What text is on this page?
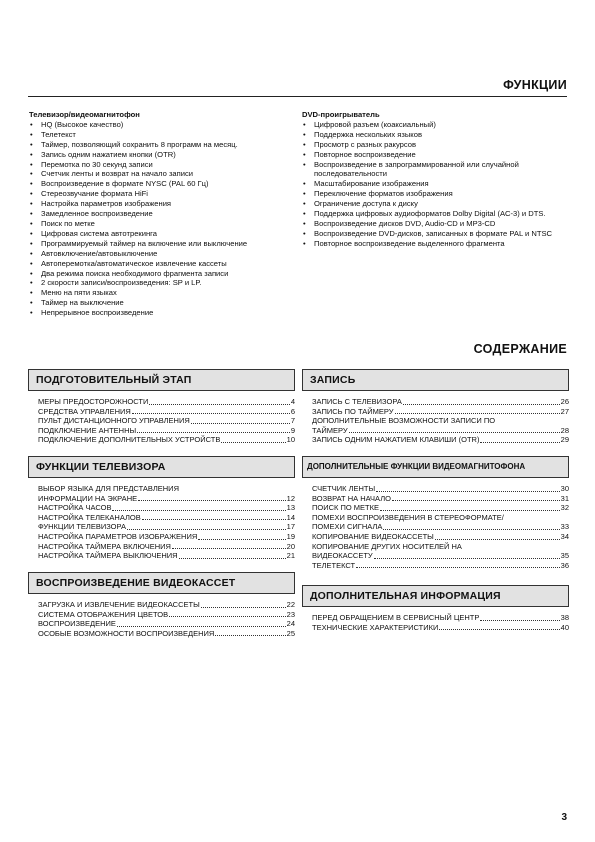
ФУНКЦИИ
Телевизор/видеомагнитофон
• HQ (Высокое качество)
• Телетекст
• Таймер, позволяющий сохранить 8 программ на месяц.
• Запись одним нажатием кнопки (OTR)
• Перемотка по 30 секунд записи
• Счетчик ленты и возврат на начало записи
• Воспроизведение в формате NYSC (PAL 60 Гц)
• Стереозвучание формата HiFi
• Настройка параметров изображения
• Замедленное воспроизведение
• Поиск по метке
• Цифровая система автотрекинга
• Программируемый таймер на включение или выключение
• Автовключение/автовыключение
• Автоперемотка/автоматическое извлечение кассеты
• Два режима поиска необходимого фрагмента записи
• 2 скорости записи/воспроизведения: SP и LP.
• Меню на пяти языках
• Таймер на выключение
• Непрерывное воспроизведение
DVD-проигрыватель
• Цифровой разъем (коаксиальный)
• Поддержка нескольких языков
• Просмотр с разных ракурсов
• Повторное воспроизведение
• Воспроизведение в запрограммированной или случайной последовательности
• Масштабирование изображения
• Переключение форматов изображения
• Ограничение доступа к диску
• Поддержка цифровых аудиоформатов Dolby Digital (AC-3) и DTS.
• Воспроизведение дисков DVD, Audio-CD и MP3-CD
• Воспроизведение DVD-дисков, записанных в формате PAL и NTSC
• Повторное воспроизведение выделенного фрагмента
СОДЕРЖАНИЕ
ПОДГОТОВИТЕЛЬНЫЙ ЭТАП
МЕРЫ ПРЕДОСТОРОЖНОСТИ	4
СРЕДСТВА УПРАВЛЕНИЯ	6
ПУЛЬТ ДИСТАНЦИОННОГО УПРАВЛЕНИЯ	7
ПОДКЛЮЧЕНИЕ АНТЕННЫ	9
ПОДКЛЮЧЕНИЕ ДОПОЛНИТЕЛЬНЫХ УСТРОЙСТВ	10
ЗАПИСЬ
ЗАПИСЬ С ТЕЛЕВИЗОРА	26
ЗАПИСЬ ПО ТАЙМЕРУ	27
ДОПОЛНИТЕЛЬНЫЕ ВОЗМОЖНОСТИ ЗАПИСИ ПО
ТАЙМЕРУ	28
ЗАПИСЬ ОДНИМ НАЖАТИЕМ КЛАВИШИ (OTR)	29
ФУНКЦИИ ТЕЛЕВИЗОРА
ВЫБОР ЯЗЫКА ДЛЯ ПРЕДСТАВЛЕНИЯ
ИНФОРМАЦИИ НА ЭКРАНЕ	12
НАСТРОЙКА ЧАСОВ	13
НАСТРОЙКА ТЕЛЕКАНАЛОВ	14
ФУНКЦИИ ТЕЛЕВИЗОРА	17
НАСТРОЙКА ПАРАМЕТРОВ ИЗОБРАЖЕНИЯ	19
НАСТРОЙКА ТАЙМЕРА ВКЛЮЧЕНИЯ	20
НАСТРОЙКА ТАЙМЕРА ВЫКЛЮЧЕНИЯ	21
ДОПОЛНИТЕЛЬНЫЕ ФУНКЦИИ ВИДЕОМАГНИТОФОНА
СЧЕТЧИК ЛЕНТЫ	30
ВОЗВРАТ НА НАЧАЛО	31
ПОИСК ПО МЕТКЕ	32
ПОМЕХИ ВОСПРОИЗВЕДЕНИЯ В СТЕРЕОФОРМАТЕ/
ПОМЕХИ СИГНАЛА	33
КОПИРОВАНИЕ ВИДЕОКАССЕТЫ	34
КОПИРОВАНИЕ ДРУГИХ НОСИТЕЛЕЙ НА
ВИДЕОКАССЕТУ	35
ТЕЛЕТЕКСТ	36
ВОСПРОИЗВЕДЕНИЕ ВИДЕОКАССЕТ
ЗАГРУЗКА И ИЗВЛЕЧЕНИЕ ВИДЕОКАССЕТЫ	22
СИСТЕМА ОТОБРАЖЕНИЯ ЦВЕТОВ	23
ВОСПРОИЗВЕДЕНИЕ	24
ОСОБЫЕ ВОЗМОЖНОСТИ ВОСПРОИЗВЕДЕНИЯ	25
ДОПОЛНИТЕЛЬНАЯ ИНФОРМАЦИЯ
ПЕРЕД ОБРАЩЕНИЕМ В СЕРВИСНЫЙ ЦЕНТР	38
ТЕХНИЧЕСКИЕ ХАРАКТЕРИСТИКИ	40
3
